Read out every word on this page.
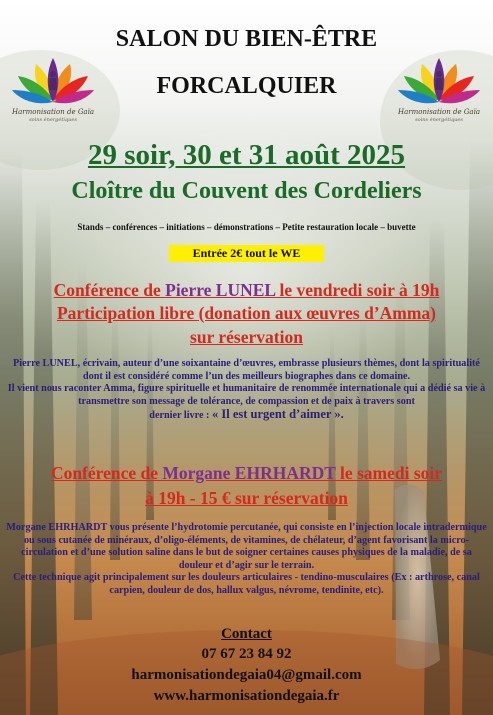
Harmonisation de Gaïa
soins énergétiques
Harmonisation de Gaïa
soins énergétiques
SALON DU BIEN-ÊTRE
FORCALQUIER
29 soir, 30 et 31 août 2025
Cloître du Couvent des Cordeliers
Stands – conférences – initiations – démonstrations – Petite restauration locale – buvette
Entrée 2€ tout le WE
Conférence de Pierre LUNEL le vendredi soir à 19h
Participation libre (donation aux œuvres d’Amma)
sur réservation
Pierre LUNEL, écrivain, auteur d’une soixantaine d’œuvres, embrasse plusieurs thèmes, dont la spiritualité dont il est considéré comme l’un des meilleurs biographes dans ce domaine.
Il vient nous raconter Amma, figure spirituelle et humanitaire de renommée internationale qui a dédié sa vie à transmettre son message de tolérance, de compassion et de paix à travers sont
dernier livre : « Il est urgent d’aimer ».
Conférence de Morgane EHRHARDT le samedi soir
à 19h - 15 € sur réservation
Morgane EHRHARDT vous présente l’hydrotomie percutanée, qui consiste en l’injection locale intradermique ou sous cutanée de minéraux, d’oligo-éléments, de vitamines, de chélateur, d’agent favorisant la micro-circulation et d’une solution saline dans le but de soigner certaines causes physiques de la maladie, de sa douleur et d’agir sur le terrain.
Cette technique agit principalement sur les douleurs articulaires - tendino-musculaires (Ex : arthrose, canal carpien, douleur de dos, hallux valgus, névrome, tendinite, etc).
Contact
07 67 23 84 92
harmonisationdegaia04@gmail.com
www.harmonisationdegaia.fr
